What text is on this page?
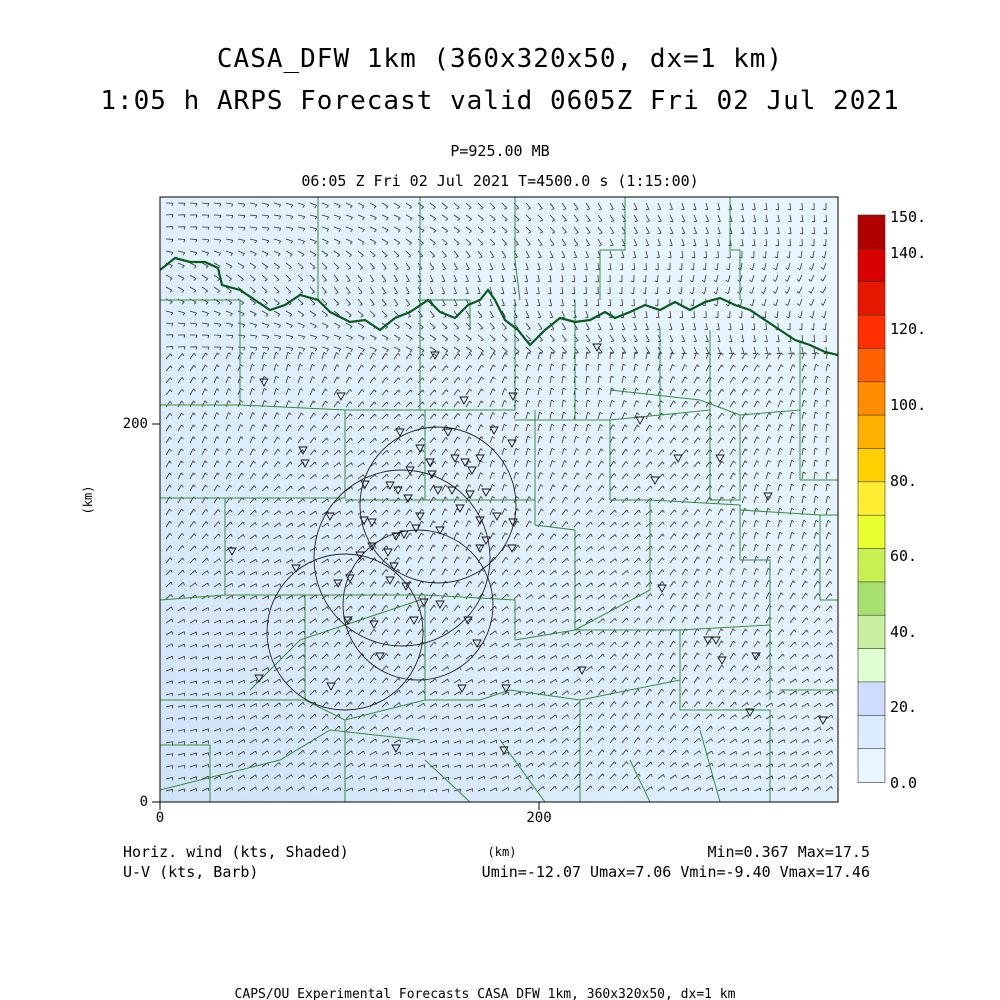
CASA_DFW 1km (360x320x50, dx=1 km)
1:05 h ARPS Forecast valid 0605Z Fri 02 Jul 2021
P=925.00 MB
06:05 Z Fri 02 Jul 2021 T=4500.0 s (1:15:00)
0
200
0	200
(km)
(km)
150.
140.
120.
100.
80.
60.
40.
20.
0.0
Horiz. wind (kts, Shaded)
U-V (kts, Barb)
Min=0.367 Max=17.5
Umin=-12.07 Umax=7.06 Vmin=-9.40 Vmax=17.46
CAPS/OU Experimental Forecasts CASA DFW 1km, 360x320x50, dx=1 km
